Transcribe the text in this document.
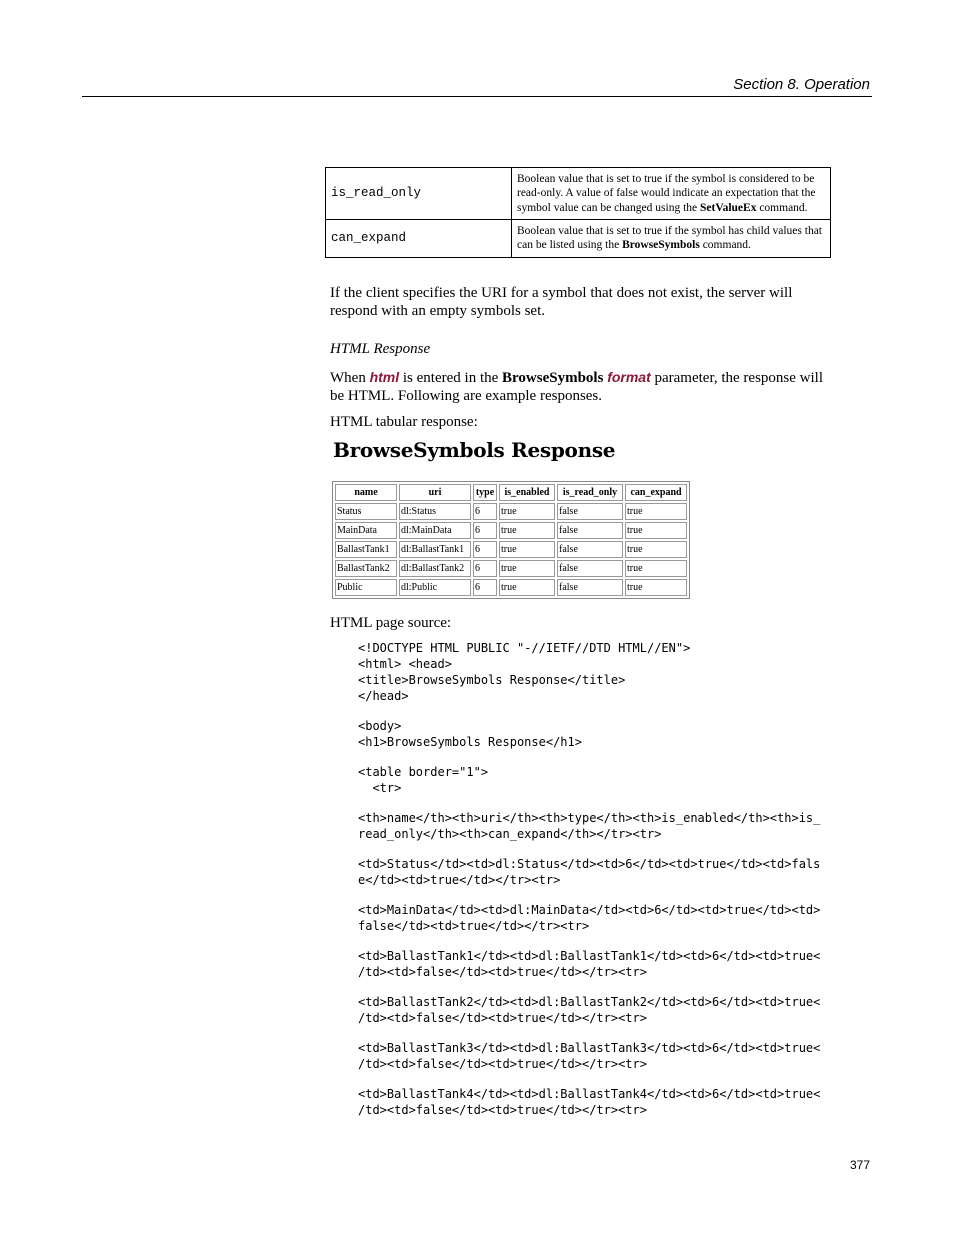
Section 8. Operation
is_read_only	Boolean value that is set to true if the symbol is considered to be read-only. A value of false would indicate an expectation that the symbol value can be changed using the SetValueEx command.
can_expand	Boolean value that is set to true if the symbol has child values that can be listed using the BrowseSymbols command.
If the client specifies the URI for a symbol that does not exist, the server will respond with an empty symbols set.
HTML Response
When html is entered in the BrowseSymbols format parameter, the response will be HTML. Following are example responses.
HTML tabular response:
BrowseSymbols Response
name	uri	type	is_enabled	is_read_only	can_expand
Status	dl:Status	6	true	false	true
MainData	dl:MainData	6	true	false	true
BallastTank1	dl:BallastTank1	6	true	false	true
BallastTank2	dl:BallastTank2	6	true	false	true
Public	dl:Public	6	true	false	true
HTML page source:
<!DOCTYPE HTML PUBLIC "-//IETF//DTD HTML//EN">
<html> <head>
<title>BrowseSymbols Response</title>
</head>

<body>
<h1>BrowseSymbols Response</h1>

<table border="1">
<tr>

<th>name</th><th>uri</th><th>type</th><th>is_enabled</th><th>is_
read_only</th><th>can_expand</th></tr><tr>

<td>Status</td><td>dl:Status</td><td>6</td><td>true</td><td>fals
e</td><td>true</td></tr><tr>

<td>MainData</td><td>dl:MainData</td><td>6</td><td>true</td><td>
false</td><td>true</td></tr><tr>

<td>BallastTank1</td><td>dl:BallastTank1</td><td>6</td><td>true<
/td><td>false</td><td>true</td></tr><tr>

<td>BallastTank2</td><td>dl:BallastTank2</td><td>6</td><td>true<
/td><td>false</td><td>true</td></tr><tr>

<td>BallastTank3</td><td>dl:BallastTank3</td><td>6</td><td>true<
/td><td>false</td><td>true</td></tr><tr>

<td>BallastTank4</td><td>dl:BallastTank4</td><td>6</td><td>true<
/td><td>false</td><td>true</td></tr><tr>
377
